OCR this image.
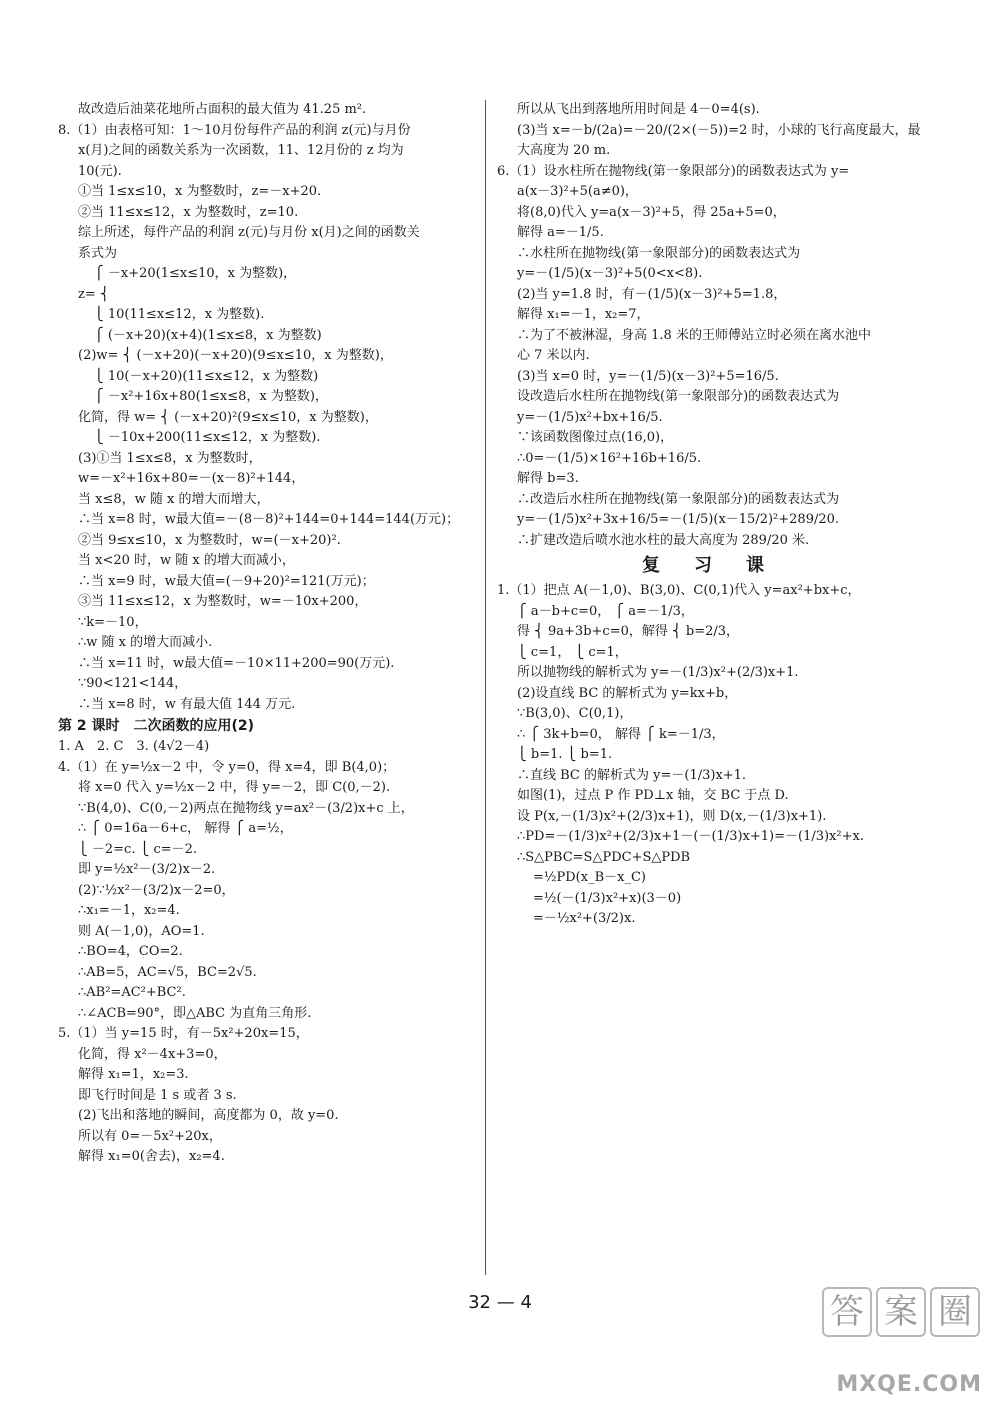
故改造后油菜花地所占面积的最大值为 41.25 m².
8.（1）由表格可知：1～10月份每件产品的利润 z(元)与月份
x(月)之间的函数关系为一次函数，11、12月份的 z 均为
10(元).
①当 1≤x≤10，x 为整数时，z=－x+20.
②当 11≤x≤12，x 为整数时，z=10.
综上所述，每件产品的利润 z(元)与月份 x(月)之间的函数关
系式为
⎧ －x+20(1≤x≤10，x 为整数)，
z= ⎨
⎩ 10(11≤x≤12，x 为整数).
⎧ (－x+20)(x+4)(1≤x≤8，x 为整数)
(2)w= ⎨ (－x+20)(－x+20)(9≤x≤10，x 为整数)，
⎩ 10(－x+20)(11≤x≤12，x 为整数)
⎧ －x²+16x+80(1≤x≤8，x 为整数)，
化简，得 w= ⎨ (－x+20)²(9≤x≤10，x 为整数)，
⎩ －10x+200(11≤x≤12，x 为整数).
(3)①当 1≤x≤8，x 为整数时，
w=－x²+16x+80=－(x－8)²+144，
当 x≤8，w 随 x 的增大而增大，
∴当 x=8 时，w最大值=－(8－8)²+144=0+144=144(万元)；
②当 9≤x≤10，x 为整数时，w=(－x+20)².
当 x<20 时，w 随 x 的增大而减小，
∴当 x=9 时，w最大值=(－9+20)²=121(万元)；
③当 11≤x≤12，x 为整数时，w=－10x+200，
∵k=－10，
∴w 随 x 的增大而减小.
∴当 x=11 时，w最大值=－10×11+200=90(万元).
∵90<121<144，
∴当 x=8 时，w 有最大值 144 万元.
第 2 课时　二次函数的应用(2)
1. A　2. C　3. (4√2－4)
4.（1）在 y=½x－2 中，令 y=0，得 x=4，即 B(4,0)；
将 x=0 代入 y=½x－2 中，得 y=－2，即 C(0,－2).
∵B(4,0)、C(0,－2)两点在抛物线 y=ax²－(3/2)x+c 上，
∴ ⎧ 0=16a－6+c， 解得 ⎧ a=½，
⎩ －2=c. ⎩ c=－2.
即 y=½x²－(3/2)x－2.
(2)∵½x²－(3/2)x－2=0，
∴x₁=－1，x₂=4.
则 A(－1,0)，AO=1.
∴BO=4，CO=2.
∴AB=5，AC=√5，BC=2√5.
∴AB²=AC²+BC².
∴∠ACB=90°，即△ABC 为直角三角形.
5.（1）当 y=15 时，有－5x²+20x=15，
化简，得 x²－4x+3=0，
解得 x₁=1，x₂=3.
即飞行时间是 1 s 或者 3 s.
(2)飞出和落地的瞬间，高度都为 0，故 y=0.
所以有 0=－5x²+20x，
解得 x₁=0(舍去)，x₂=4.
所以从飞出到落地所用时间是 4－0=4(s).
(3)当 x=－b/(2a)=－20/(2×(－5))=2 时，小球的飞行高度最大，最
大高度为 20 m.
6.（1）设水柱所在抛物线(第一象限部分)的函数表达式为 y=
a(x－3)²+5(a≠0)，
将(8,0)代入 y=a(x－3)²+5，得 25a+5=0，
解得 a=－1/5.
∴水柱所在抛物线(第一象限部分)的函数表达式为
y=－(1/5)(x－3)²+5(0<x<8).
(2)当 y=1.8 时，有－(1/5)(x－3)²+5=1.8，
解得 x₁=－1，x₂=7，
∴为了不被淋湿，身高 1.8 米的王师傅站立时必须在离水池中
心 7 米以内.
(3)当 x=0 时，y=－(1/5)(x－3)²+5=16/5.
设改造后水柱所在抛物线(第一象限部分)的函数表达式为
y=－(1/5)x²+bx+16/5.
∵该函数图像过点(16,0)，
∴0=－(1/5)×16²+16b+16/5.
解得 b=3.
∴改造后水柱所在抛物线(第一象限部分)的函数表达式为
y=－(1/5)x²+3x+16/5=－(1/5)(x－15/2)²+289/20.
∴扩建改造后喷水池水柱的最大高度为 289/20 米.
复　习　课
1.（1）把点 A(－1,0)、B(3,0)、C(0,1)代入 y=ax²+bx+c，
⎧ a－b+c=0， ⎧ a=－1/3，
得 ⎨ 9a+3b+c=0，解得 ⎨ b=2/3，
⎩ c=1， ⎩ c=1，
所以抛物线的解析式为 y=－(1/3)x²+(2/3)x+1.
(2)设直线 BC 的解析式为 y=kx+b，
∵B(3,0)、C(0,1)，
∴ ⎧ 3k+b=0， 解得 ⎧ k=－1/3，
⎩ b=1. ⎩ b=1.
∴直线 BC 的解析式为 y=－(1/3)x+1.
如图(1)，过点 P 作 PD⊥x 轴，交 BC 于点 D.
设 P(x,－(1/3)x²+(2/3)x+1)，则 D(x,－(1/3)x+1).
∴PD=－(1/3)x²+(2/3)x+1－(－(1/3)x+1)=－(1/3)x²+x.
∴S△PBC=S△PDC+S△PDB
=½PD(x_B－x_C)
=½(－(1/3)x²+x)(3－0)
=－½x²+(3/2)x.
32 — 4	答 案 圈
MXQE.COM
